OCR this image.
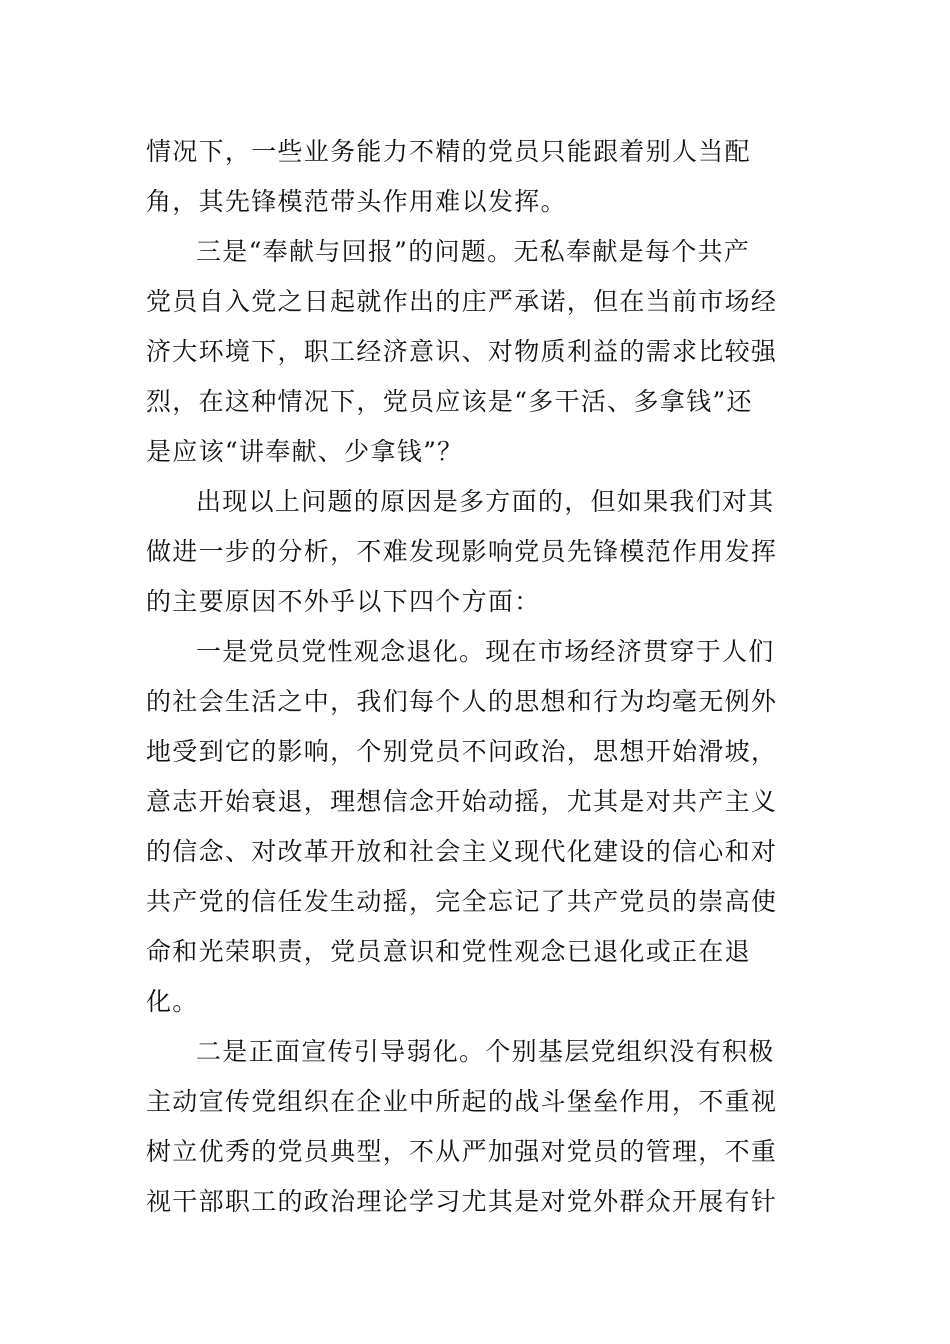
情况下，一些业务能力不精的党员只能跟着别人当配
角，其先锋模范带头作用难以发挥。
三是“奉献与回报”的问题。无私奉献是每个共产
党员自入党之日起就作出的庄严承诺，但在当前市场经
济大环境下，职工经济意识、对物质利益的需求比较强
烈，在这种情况下，党员应该是“多干活、多拿钱”还
是应该“讲奉献、少拿钱”？
出现以上问题的原因是多方面的，但如果我们对其
做进一步的分析，不难发现影响党员先锋模范作用发挥
的主要原因不外乎以下四个方面：
一是党员党性观念退化。现在市场经济贯穿于人们
的社会生活之中，我们每个人的思想和行为均毫无例外
地受到它的影响，个别党员不问政治，思想开始滑坡，
意志开始衰退，理想信念开始动摇，尤其是对共产主义
的信念、对改革开放和社会主义现代化建设的信心和对
共产党的信任发生动摇，完全忘记了共产党员的崇高使
命和光荣职责，党员意识和党性观念已退化或正在退
化。
二是正面宣传引导弱化。个别基层党组织没有积极
主动宣传党组织在企业中所起的战斗堡垒作用，不重视
树立优秀的党员典型，不从严加强对党员的管理，不重
视干部职工的政治理论学习尤其是对党外群众开展有针
